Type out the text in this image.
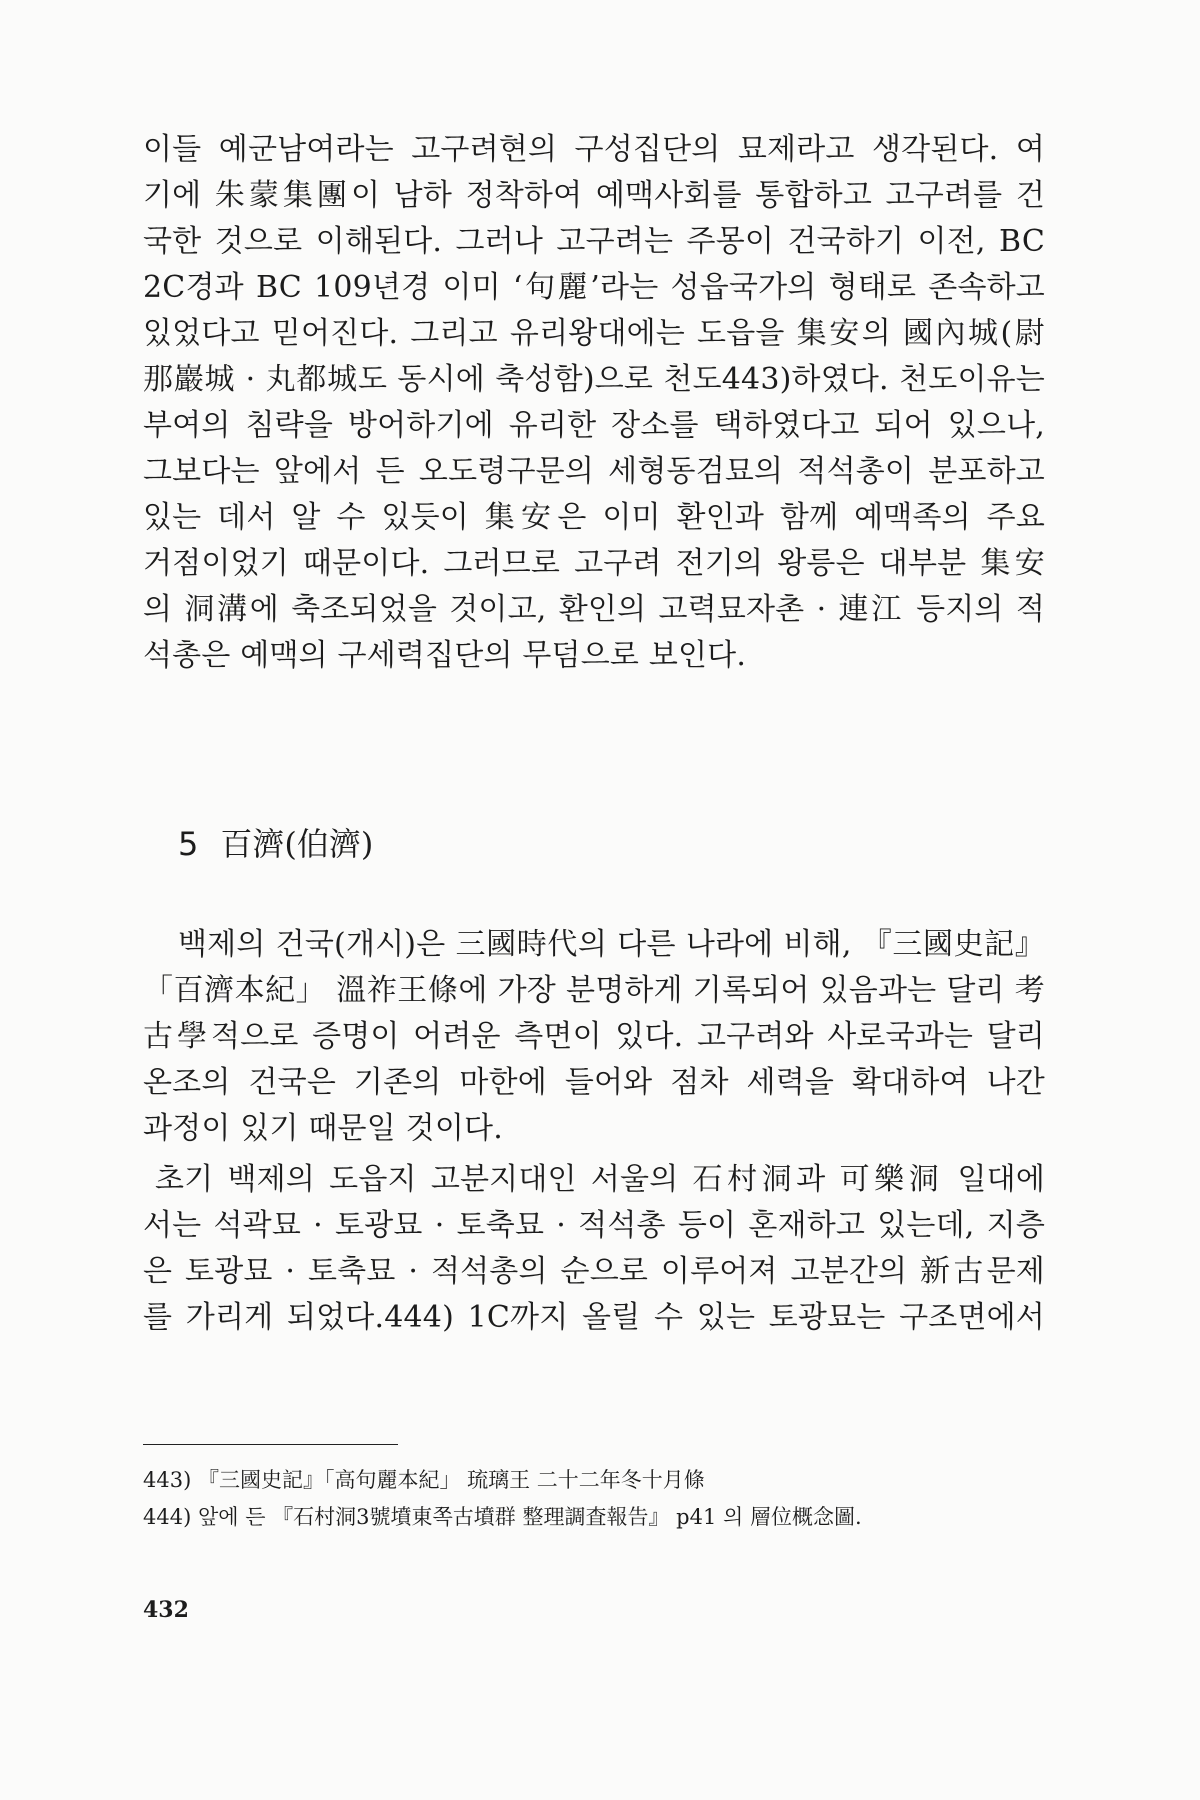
이들 예군남여라는 고구려현의 구성집단의 묘제라고 생각된다. 여
기에 朱蒙集團이 남하 정착하여 예맥사회를 통합하고 고구려를 건
국한 것으로 이해된다. 그러나 고구려는 주몽이 건국하기 이전, BC
2C경과 BC 109년경 이미 ‘句麗’라는 성읍국가의 형태로 존속하고
있었다고 믿어진다. 그리고 유리왕대에는 도읍을 集安의 國內城(尉
那巖城 · 丸都城도 동시에 축성함)으로 천도443)하였다. 천도이유는
부여의 침략을 방어하기에 유리한 장소를 택하였다고 되어 있으나,
그보다는 앞에서 든 오도령구문의 세형동검묘의 적석총이 분포하고
있는 데서 알 수 있듯이 集安은 이미 환인과 함께 예맥족의 주요
거점이었기 때문이다. 그러므로 고구려 전기의 왕릉은 대부분 集安
의 洞溝에 축조되었을 것이고, 환인의 고력묘자촌 · 連江 등지의 적
석총은 예맥의 구세력집단의 무덤으로 보인다.
5 百濟(伯濟)
백제의 건국(개시)은 三國時代의 다른 나라에 비해, 『三國史記』
「百濟本紀」 溫祚王條에 가장 분명하게 기록되어 있음과는 달리 考
古學적으로 증명이 어려운 측면이 있다. 고구려와 사로국과는 달리
온조의 건국은 기존의 마한에 들어와 점차 세력을 확대하여 나간
과정이 있기 때문일 것이다.
초기 백제의 도읍지 고분지대인 서울의 石村洞과 可樂洞 일대에
서는 석곽묘 · 토광묘 · 토축묘 · 적석총 등이 혼재하고 있는데, 지층
은 토광묘 · 토축묘 · 적석총의 순으로 이루어져 고분간의 新古문제
를 가리게 되었다.444) 1C까지 올릴 수 있는 토광묘는 구조면에서
443) 『三國史記』「高句麗本紀」 琉璃王 二十二年冬十月條
444) 앞에 든 『石村洞3號墳東쪽古墳群 整理調査報告』 p41 의 層位概念圖.
432
